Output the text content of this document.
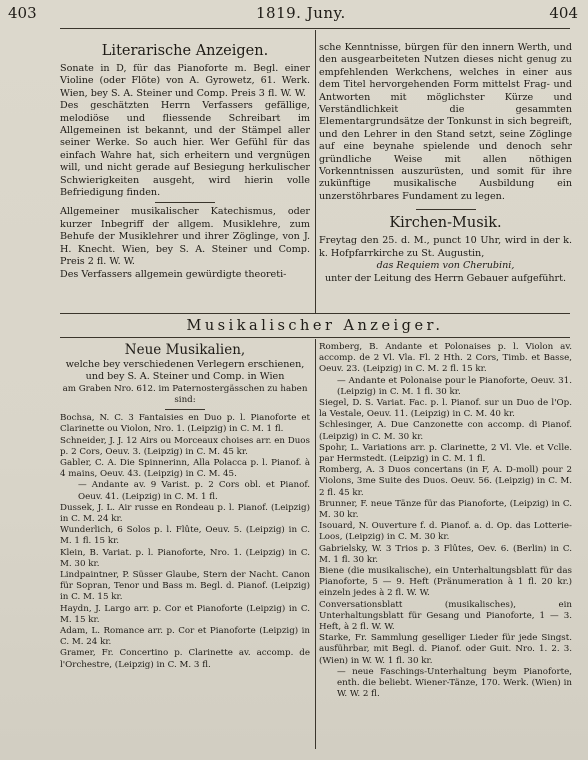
403	1819. Juny.	404
Literarische Anzeigen.

Sonate in D, für das Pianoforte m. Begl. einer Violine (oder Flöte) von A. Gyrowetz, 61. Werk. Wien, bey S. A. Steiner und Comp. Preis 3 fl. W. W.

Des geschätzten Herrn Verfassers gefällige, melodiöse und fliessende Schreibart im Allgemeinen ist bekannt, und der Stämpel aller seiner Werke. So auch hier. Wer Gefühl für das einfach Wahre hat, sich erheitern und vergnügen will, und nicht gerade auf Besiegung herkulischer Schwierigkeiten ausgeht, wird hierin volle Befriedigung finden.

Allgemeiner musikalischer Katechismus, oder kurzer Inbegriff der allgem. Musiklehre, zum Behufe der Musiklehrer und ihrer Zöglinge, von J. H. Knecht. Wien, bey S. A. Steiner und Comp. Preis 2 fl. W. W.

Des Verfassers allgemein gewürdigte theoreti-

sche Kenntnisse, bürgen für den innern Werth, und den ausgearbeiteten Nutzen dieses nicht genug zu empfehlenden Werkchens, welches in einer aus dem Titel hervorgehenden Form mittelst Frag- und Antworten mit möglichster Kürze und Verständlichkeit die gesammten Elementargrundsätze der Tonkunst in sich begreift, und den Lehrer in den Stand setzt, seine Zöglinge auf eine beynahe spielende und denoch sehr gründliche Weise mit allen nöthigen Vorkenntnissen auszurüsten, und somit für ihre zukünftige musikalische Ausbildung ein unzerstöhrbares Fundament zu legen.

Kirchen-Musik.

Freytag den 25. d. M., punct 10 Uhr, wird in der k. k. Hofpfarrkirche zu St. Augustin,

das Requiem von Cherubini,

unter der Leitung des Herrn Gebauer aufgeführt.

Musikalischer Anzeiger.
Neue Musikalien,
welche bey verschiedenen Verlegern erschienen,
und bey S. A. Steiner und Comp. in Wien
am Graben Nro. 612. im Paternostergässchen zu haben sind:

Bochsa, N. C. 3 Fantaisies en Duo p. l. Pianoforte et Clarinette ou Violon, Nro. 1. (Leipzig) in C. M. 1 fl.

Schneider, J. J. 12 Airs ou Morceaux choises arr. en Duos p. 2 Cors, Oeuv. 3. (Leipzig) in C. M. 45 kr.

Gabler, C. A. Die Spinnerinn, Alla Polacca p. l. Pianof. à 4 mains, Oeuv. 43. (Leipzig) in C. M. 45.

— Andante av. 9 Varist. p. 2 Cors obl. et Pianof. Oeuv. 41. (Leipzig) in C. M. 1 fl.

Dussek, J. L. Air russe en Rondeau p. l. Pianof. (Leipzig) in C. M. 24 kr.

Wunderlich, 6 Solos p. l. Flûte, Oeuv. 5. (Leipzig) in C. M. 1 fl. 15 kr.

Klein, B. Variat. p. l. Pianoforte, Nro. 1. (Leipzig) in C. M. 30 kr.

Lindpaintner, P. Süsser Glaube, Stern der Nacht. Canon für Sopran, Tenor und Bass m. Begl. d. Pianof. (Leipzig) in C. M. 15 kr.

Haydn, J. Largo arr. p. Cor et Pianoforte (Leipzig) in C. M. 15 kr.

Adam, L. Romance arr. p. Cor et Pianoforte (Leipzig) in C. M. 24 kr.

Gramer, Fr. Concertino p. Clarinette av. accomp. de l'Orchestre, (Leipzig) in C. M. 3 fl.

Romberg, B. Andante et Polonaises p. l. Violon av. accomp. de 2 Vl. Vla. Fl. 2 Hth. 2 Cors, Timb. et Basse, Oeuv. 23. (Leipzig) in C. M. 2 fl. 15 kr.

— Andante et Polonaise pour le Pianoforte, Oeuv. 31. (Leipzig) in C. M. 1 fl. 30 kr.

Siegel, D. S. Variat. Fac. p. l. Pianof. sur un Duo de l'Op. la Vestale, Oeuv. 11. (Leipzig) in C. M. 40 kr.

Schlesinger, A. Due Canzonette con accomp. di Pianof. (Leipzig) in C. M. 30 kr.

Spohr, L. Variations arr. p. Clarinette, 2 Vl. Vle. et Vclle. par Hermstedt. (Leipzig) in C. M. 1 fl.

Romberg, A. 3 Duos concertans (in F, A. D-moll) pour 2 Violons, 3me Suite des Duos. Oeuv. 56. (Leipzig) in C. M. 2 fl. 45 kr.

Brunner, F. neue Tänze für das Pianoforte, (Leipzig) in C. M. 30 kr.

Isouard, N. Ouverture f. d. Pianof. a. d. Op. das Lotterie-Loos, (Leipzig) in C. M. 30 kr.

Gabrielsky, W. 3 Trios p. 3 Flûtes, Oev. 6. (Berlin) in C. M. 1 fl. 30 kr.

Biene (die musikalische), ein Unterhaltungsblatt für das Pianoforte, 5 — 9. Heft (Pränumeration à 1 fl. 20 kr.) einzeln jedes à 2 fl. W. W.

Conversationsblatt (musikalisches), ein Unterhaltungsblatt für Gesang und Pianoforte, 1 — 3. Heft, à 2 fl. W. W.

Starke, Fr. Sammlung geselliger Lieder für jede Singst. ausführbar, mit Begl. d. Pianof. oder Guit. Nro. 1. 2. 3. (Wien) in W. W. 1 fl. 30 kr.

— neue Faschings-Unterhaltung beym Pianoforte, enth. die beliebt. Wiener-Tänze, 170. Werk. (Wien) in W. W. 2 fl.
